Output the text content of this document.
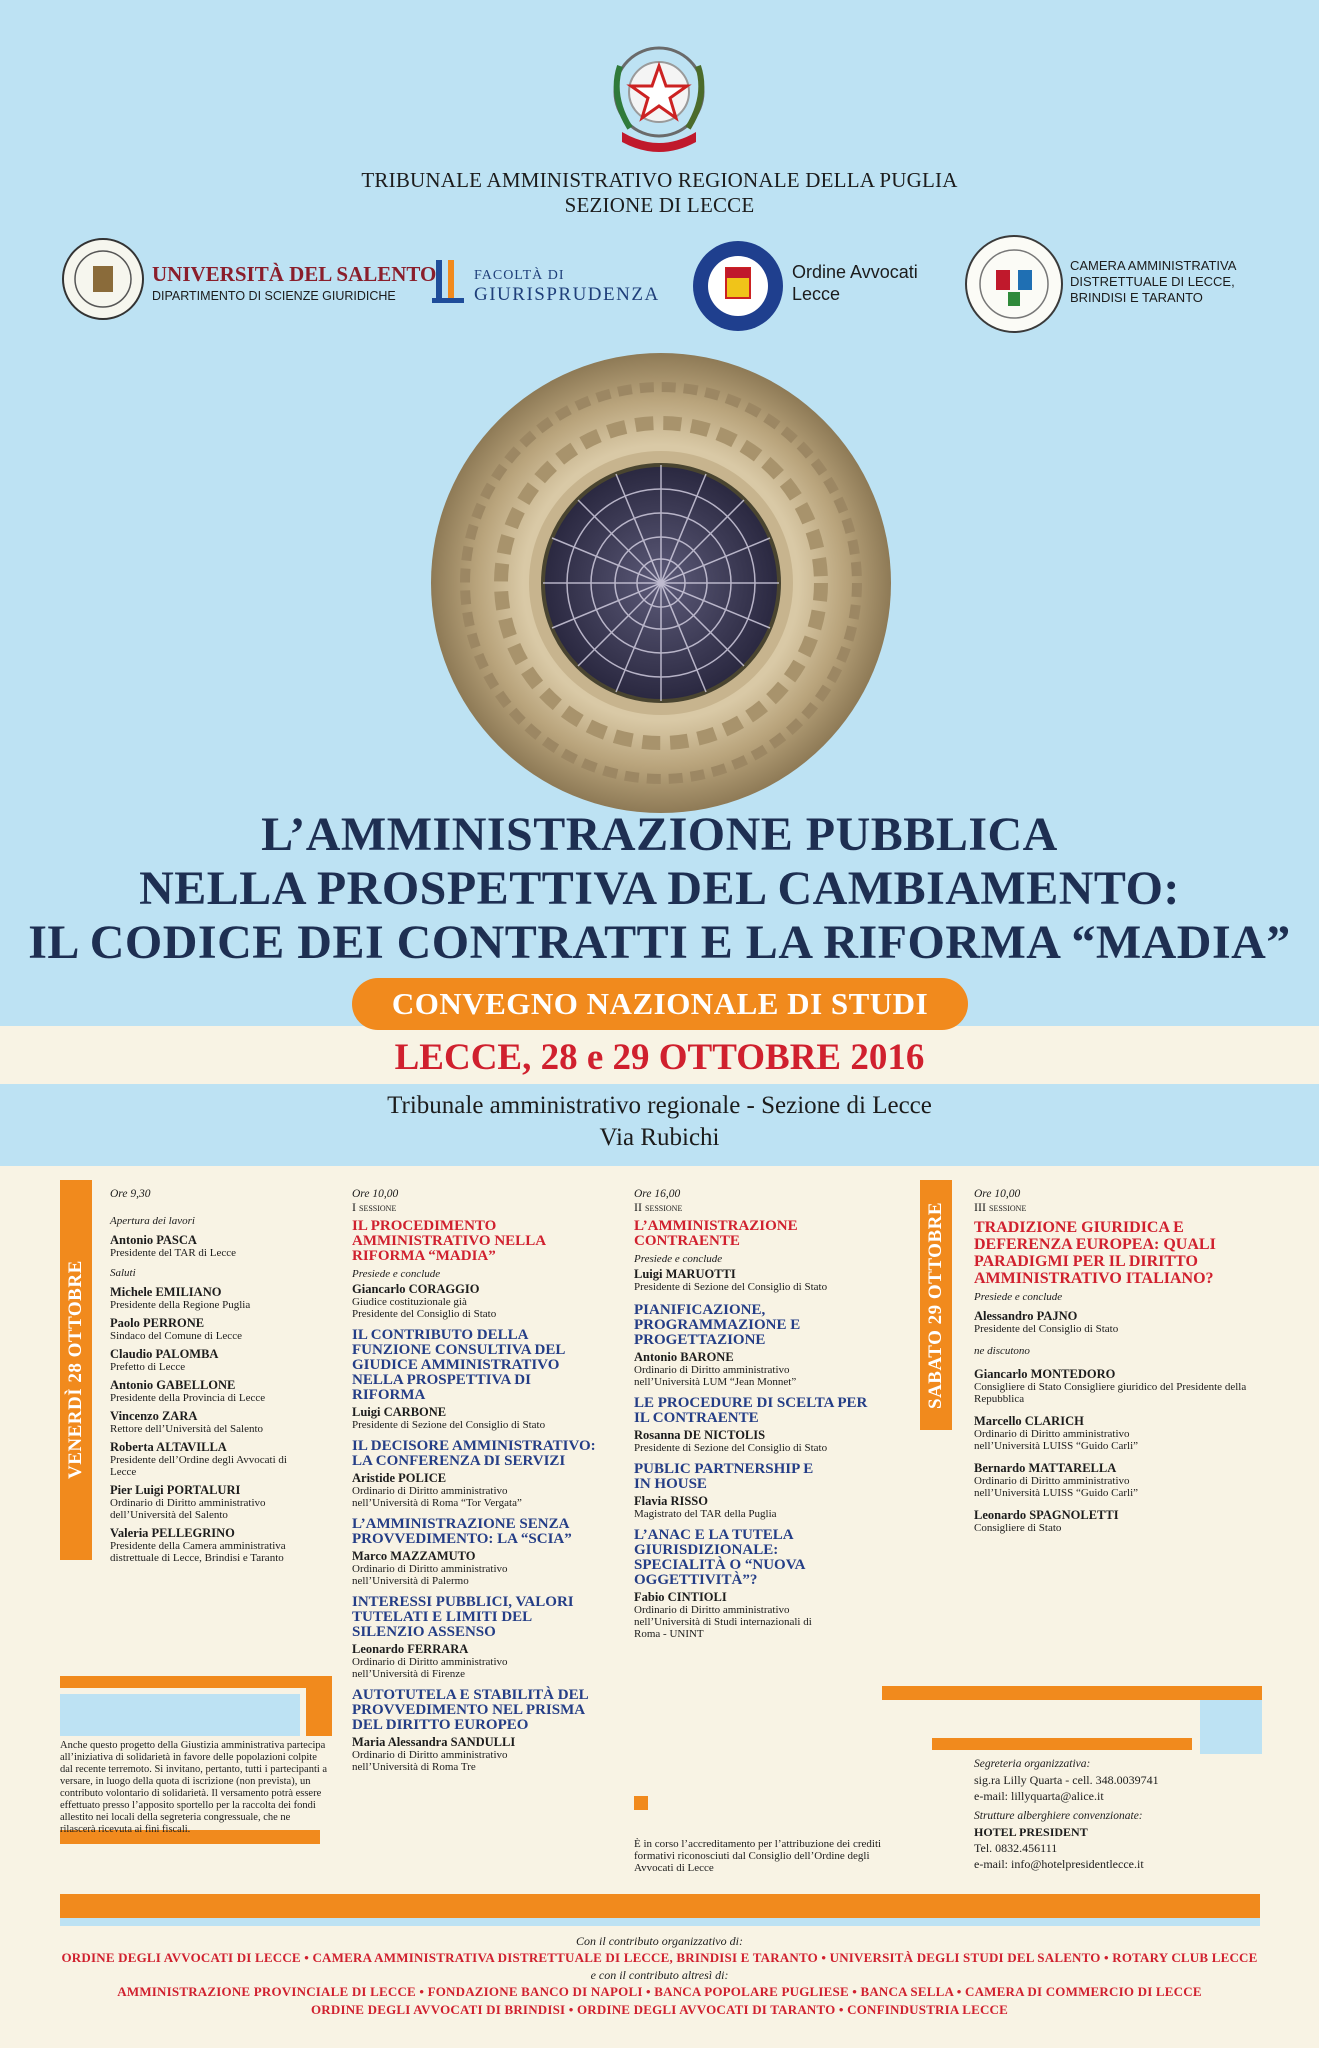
TRIBUNALE AMMINISTRATIVO REGIONALE DELLA PUGLIA
SEZIONE DI LECCE
UNIVERSITÀ DEL SALENTO
DIPARTIMENTO DI SCIENZE GIURIDICHE
FACOLTÀ DI
GIURISPRUDENZA
Ordine Avvocati
Lecce
CAMERA AMMINISTRATIVA
DISTRETTUALE DI LECCE,
BRINDISI E TARANTO
L’AMMINISTRAZIONE PUBBLICA
NELLA PROSPETTIVA DEL CAMBIAMENTO:
IL CODICE DEI CONTRATTI E LA RIFORMA “MADIA”
CONVEGNO NAZIONALE DI STUDI
LECCE, 28 e 29 OTTOBRE 2016
Tribunale amministrativo regionale - Sezione di Lecce
Via Rubichi
VENERDÌ 28 OTTOBRE
Ore 9,30
Apertura dei lavori
Antonio PASCA
Presidente del TAR di Lecce
Saluti
Michele EMILIANO
Presidente della Regione Puglia
Paolo PERRONE
Sindaco del Comune di Lecce
Claudio PALOMBA
Prefetto di Lecce
Antonio GABELLONE
Presidente della Provincia di Lecce
Vincenzo ZARA
Rettore dell’Università del Salento
Roberta ALTAVILLA
Presidente dell’Ordine degli Avvocati di Lecce
Pier Luigi PORTALURI
Ordinario di Diritto amministrativo dell’Università del Salento
Valeria PELLEGRINO
Presidente della Camera amministrativa distrettuale di Lecce, Brindisi e Taranto
Anche questo progetto della Giustizia amministrativa partecipa all’iniziativa di solidarietà in favore delle popolazioni colpite dal recente terremoto. Si invitano, pertanto, tutti i partecipanti a versare, in luogo della quota di iscrizione (non prevista), un contributo volontario di solidarietà. Il versamento potrà essere effettuato presso l’apposito sportello per la raccolta dei fondi allestito nei locali della segreteria congressuale, che ne rilascerà ricevuta ai fini fiscali.
Ore 10,00
I sessione
IL PROCEDIMENTO AMMINISTRATIVO NELLA RIFORMA “MADIA”
Presiede e conclude
Giancarlo CORAGGIO
Giudice costituzionale già Presidente del Consiglio di Stato
IL CONTRIBUTO DELLA FUNZIONE CONSULTIVA DEL GIUDICE AMMINISTRATIVO NELLA PROSPETTIVA DI RIFORMA
Luigi CARBONE
Presidente di Sezione del Consiglio di Stato
IL DECISORE AMMINISTRATIVO: LA CONFERENZA DI SERVIZI
Aristide POLICE
Ordinario di Diritto amministrativo nell’Università di Roma “Tor Vergata”
L’AMMINISTRAZIONE SENZA PROVVEDIMENTO: LA “SCIA”
Marco MAZZAMUTO
Ordinario di Diritto amministrativo nell’Università di Palermo
INTERESSI PUBBLICI, VALORI TUTELATI E LIMITI DEL SILENZIO ASSENSO
Leonardo FERRARA
Ordinario di Diritto amministrativo nell’Università di Firenze
AUTOTUTELA E STABILITÀ DEL PROVVEDIMENTO NEL PRISMA DEL DIRITTO EUROPEO
Maria Alessandra SANDULLI
Ordinario di Diritto amministrativo nell’Università di Roma Tre
Ore 16,00
II sessione
L’AMMINISTRAZIONE CONTRAENTE
Presiede e conclude
Luigi MARUOTTI
Presidente di Sezione del Consiglio di Stato
PIANIFICAZIONE, PROGRAMMAZIONE E PROGETTAZIONE
Antonio BARONE
Ordinario di Diritto amministrativo nell’Università LUM “Jean Monnet”
LE PROCEDURE DI SCELTA PER IL CONTRAENTE
Rosanna DE NICTOLIS
Presidente di Sezione del Consiglio di Stato
PUBLIC PARTNERSHIP E IN HOUSE
Flavia RISSO
Magistrato del TAR della Puglia
L’ANAC E LA TUTELA GIURISDIZIONALE: SPECIALITÀ O “NUOVA OGGETTIVITÀ”?
Fabio CINTIOLI
Ordinario di Diritto amministrativo nell’Università di Studi internazionali di Roma - UNINT
È in corso l’accreditamento per l’attribuzione dei crediti formativi riconosciuti dal Consiglio dell’Ordine degli Avvocati di Lecce
SABATO 29 OTTOBRE
Ore 10,00
III sessione
TRADIZIONE GIURIDICA E DEFERENZA EUROPEA: QUALI PARADIGMI PER IL DIRITTO AMMINISTRATIVO ITALIANO?
Presiede e conclude
Alessandro PAJNO
Presidente del Consiglio di Stato
ne discutono
Giancarlo MONTEDORO
Consigliere di Stato Consigliere giuridico del Presidente della Repubblica
Marcello CLARICH
Ordinario di Diritto amministrativo nell’Università LUISS “Guido Carli”
Bernardo MATTARELLA
Ordinario di Diritto amministrativo nell’Università LUISS “Guido Carli”
Leonardo SPAGNOLETTI
Consigliere di Stato
Segreteria organizzativa:
sig.ra Lilly Quarta - cell. 348.0039741
e-mail: lillyquarta@alice.it
Strutture alberghiere convenzionate:
HOTEL PRESIDENT
Tel. 0832.456111
e-mail: info@hotelpresidentlecce.it
Con il contributo organizzativo di:
ORDINE DEGLI AVVOCATI DI LECCE • CAMERA AMMINISTRATIVA DISTRETTUALE DI LECCE, BRINDISI E TARANTO • UNIVERSITÀ DEGLI STUDI DEL SALENTO • ROTARY CLUB LECCE
e con il contributo altresì di:
AMMINISTRAZIONE PROVINCIALE DI LECCE • FONDAZIONE BANCO DI NAPOLI • BANCA POPOLARE PUGLIESE • BANCA SELLA • CAMERA DI COMMERCIO DI LECCE
ORDINE DEGLI AVVOCATI DI BRINDISI • ORDINE DEGLI AVVOCATI DI TARANTO • CONFINDUSTRIA LECCE
